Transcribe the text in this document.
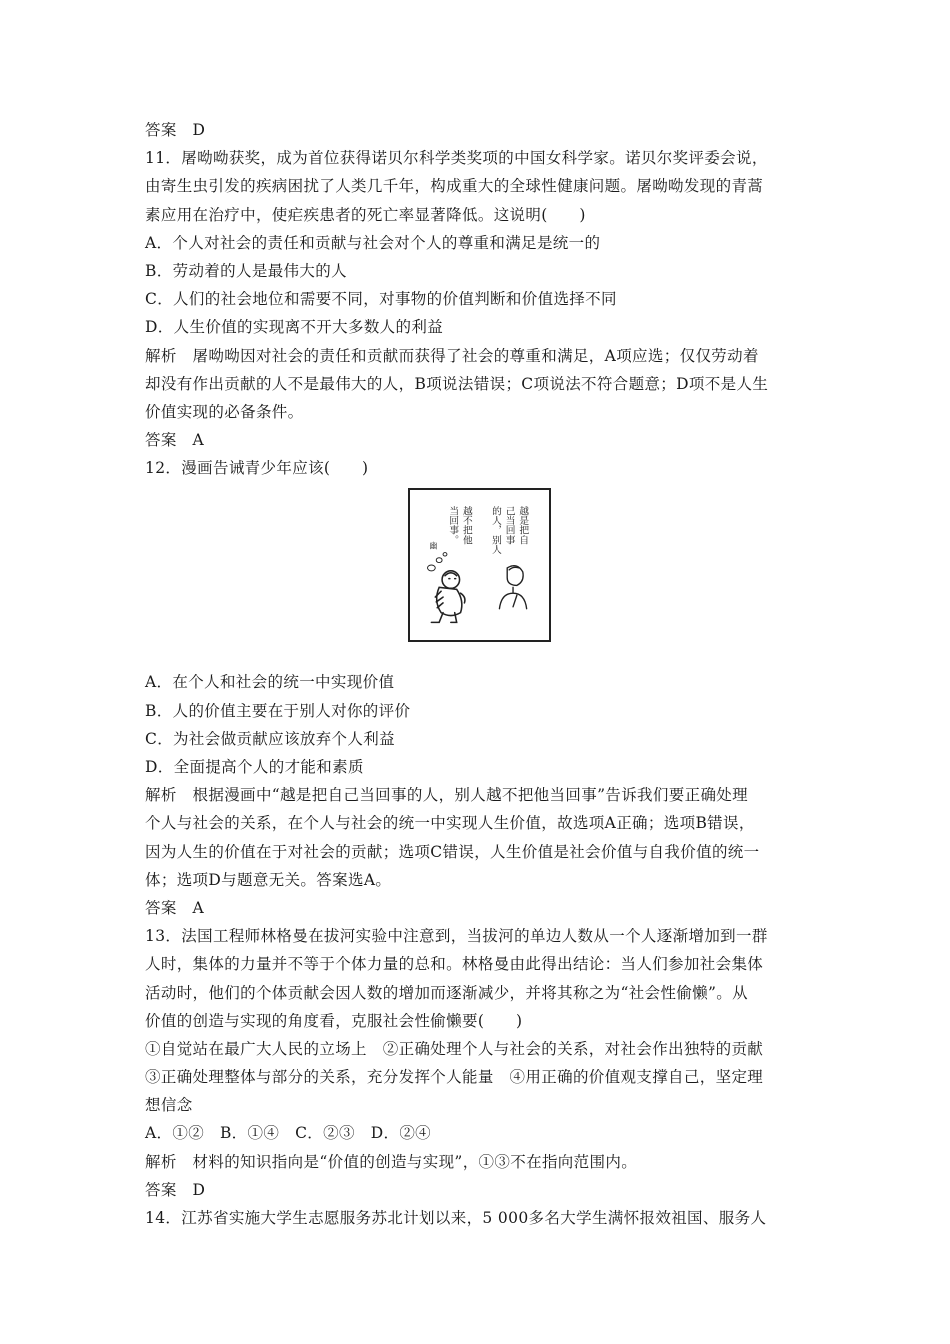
答案　D
11．屠呦呦获奖，成为首位获得诺贝尔科学类奖项的中国女科学家。诺贝尔奖评委会说，
由寄生虫引发的疾病困扰了人类几千年，构成重大的全球性健康问题。屠呦呦发现的青蒿
素应用在治疗中，使疟疾患者的死亡率显著降低。这说明(　　)
A．个人对社会的责任和贡献与社会对个人的尊重和满足是统一的
B．劳动着的人是最伟大的人
C．人们的社会地位和需要不同，对事物的价值判断和价值选择不同
D．人生价值的实现离不开大多数人的利益
解析　屠呦呦因对社会的责任和贡献而获得了社会的尊重和满足，A项应选；仅仅劳动着
却没有作出贡献的人不是最伟大的人，B项说法错误；C项说法不符合题意；D项不是人生
价值实现的必备条件。
答案　A
12．漫画告诫青少年应该(　　)
越是把自
己当回事
的人，别人
越不把他
当回事。
幽
A．在个人和社会的统一中实现价值
B．人的价值主要在于别人对你的评价
C．为社会做贡献应该放弃个人利益
D．全面提高个人的才能和素质
解析　根据漫画中“越是把自己当回事的人，别人越不把他当回事”告诉我们要正确处理
个人与社会的关系，在个人与社会的统一中实现人生价值，故选项A正确；选项B错误，
因为人生的价值在于对社会的贡献；选项C错误，人生价值是社会价值与自我价值的统一
体；选项D与题意无关。答案选A。
答案　A
13．法国工程师林格曼在拔河实验中注意到，当拔河的单边人数从一个人逐渐增加到一群
人时，集体的力量并不等于个体力量的总和。林格曼由此得出结论：当人们参加社会集体
活动时，他们的个体贡献会因人数的增加而逐渐减少，并将其称之为“社会性偷懒”。从
价值的创造与实现的角度看，克服社会性偷懒要(　　)
①自觉站在最广大人民的立场上　②正确处理个人与社会的关系，对社会作出独特的贡献
③正确处理整体与部分的关系，充分发挥个人能量　④用正确的价值观支撑自己，坚定理
想信念
A．①②　B．①④　C．②③　D．②④
解析　材料的知识指向是“价值的创造与实现”，①③不在指向范围内。
答案　D
14．江苏省实施大学生志愿服务苏北计划以来，5 000多名大学生满怀报效祖国、服务人
